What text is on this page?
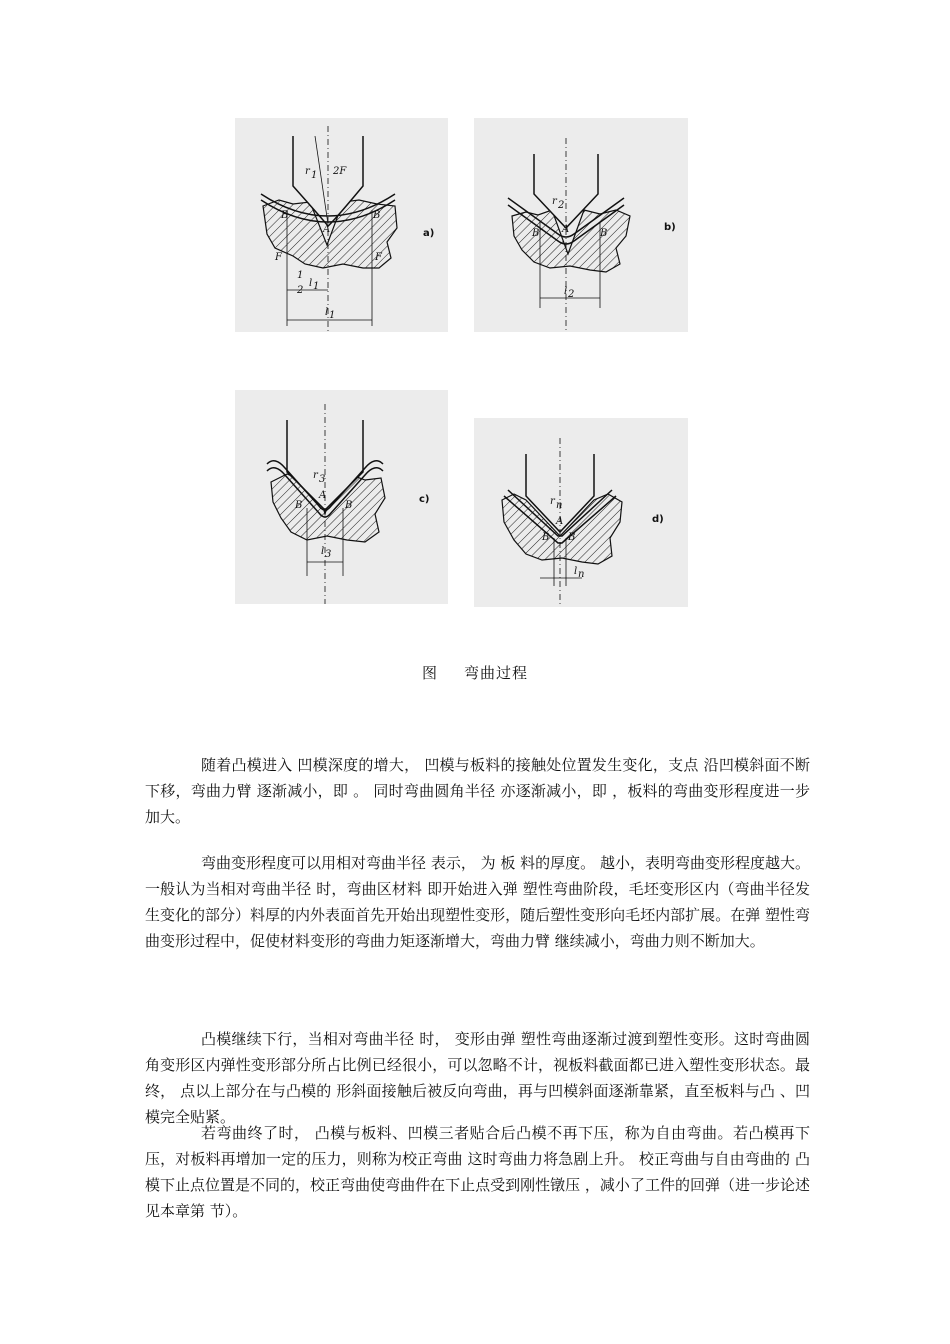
r 1 2F
A
B	B
F	F
1
2
l 1
l 1
a)
r 2
A
B	B
l 2
b)
r 3
A
B	B
l 3
c)	r n
A
B B
l n
d)
图 弯曲过程

随着凸模进入 凹模深度的增大， 凹模与板料的接触处位置发生变化，支点 沿凹模斜面不断下移，弯曲力臂 逐渐减小，即 。 同时弯曲圆角半径 亦逐渐减小，即 ，板料的弯曲变形程度进一步加大。

弯曲变形程度可以用相对弯曲半径 表示， 为 板 料的厚度。 越小，表明弯曲变形程度越大。一般认为当相对弯曲半径 时，弯曲区材料 即开始进入弹 塑性弯曲阶段，毛坯变形区内（弯曲半径发生变化的部分）料厚的内外表面首先开始出现塑性变形，随后塑性变形向毛坯内部扩展。在弹 塑性弯曲变形过程中，促使材料变形的弯曲力矩逐渐增大，弯曲力臂 继续减小，弯曲力则不断加大。

凸模继续下行，当相对弯曲半径 时， 变形由弹 塑性弯曲逐渐过渡到塑性变形。这时弯曲圆角变形区内弹性变形部分所占比例已经很小，可以忽略不计，视板料截面都已进入塑性变形状态。最终， 点以上部分在与凸模的 形斜面接触后被反向弯曲，再与凹模斜面逐渐靠紧，直至板料与凸 、凹模完全贴紧。

若弯曲终了时， 凸模与板料、凹模三者贴合后凸模不再下压，称为自由弯曲。若凸模再下压，对板料再增加一定的压力，则称为校正弯曲 这时弯曲力将急剧上升。 校正弯曲与自由弯曲的 凸模下止点位置是不同的，校正弯曲使弯曲件在下止点受到刚性镦压 ，减小了工件的回弹（进一步论述见本章第 节）。
